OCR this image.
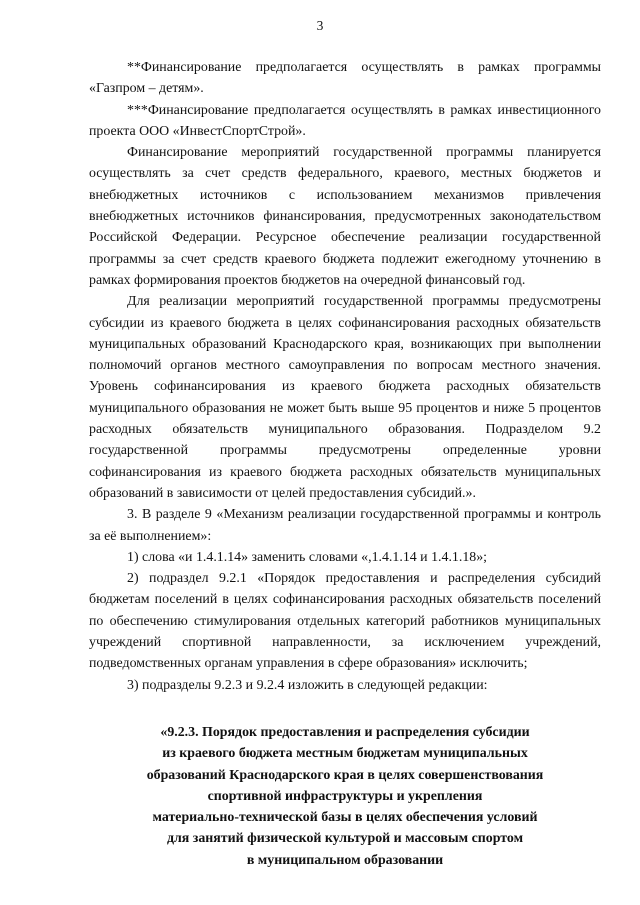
3

**Финансирование предполагается осуществлять в рамках программы «Газпром – детям».

***Финансирование предполагается осуществлять в рамках инвестиционного проекта ООО «ИнвестСпортСтрой».

Финансирование мероприятий государственной программы планируется осуществлять за счет средств федерального, краевого, местных бюджетов и внебюджетных источников с использованием механизмов привлечения внебюджетных источников финансирования, предусмотренных законодательством Российской Федерации. Ресурсное обеспечение реализации государственной программы за счет средств краевого бюджета подлежит ежегодному уточнению в рамках формирования проектов бюджетов на очередной финансовый год.

Для реализации мероприятий государственной программы предусмотрены субсидии из краевого бюджета в целях софинансирования расходных обязательств муниципальных образований Краснодарского края, возникающих при выполнении полномочий органов местного самоуправления по вопросам местного значения. Уровень софинансирования из краевого бюджета расходных обязательств муниципального образования не может быть выше 95 процентов и ниже 5 процентов расходных обязательств муниципального образования. Подразделом 9.2 государственной программы предусмотрены определенные уровни софинансирования из краевого бюджета расходных обязательств муниципальных образований в зависимости от целей предоставления субсидий.».

3. В разделе 9 «Механизм реализации государственной программы и контроль за её выполнением»:

1) слова «и 1.4.1.14» заменить словами «,1.4.1.14 и 1.4.1.18»;

2) подраздел 9.2.1 «Порядок предоставления и распределения субсидий бюджетам поселений в целях софинансирования расходных обязательств поселений по обеспечению стимулирования отдельных категорий работников муниципальных учреждений спортивной направленности, за исключением учреждений, подведомственных органам управления в сфере образования» исключить;

3) подразделы 9.2.3 и 9.2.4 изложить в следующей редакции:

«9.2.3. Порядок предоставления и распределения субсидии
из краевого бюджета местным бюджетам муниципальных
образований Краснодарского края в целях совершенствования
спортивной инфраструктуры и укрепления
материально-технической базы в целях обеспечения условий
для занятий физической культурой и массовым спортом
в муниципальном образовании
